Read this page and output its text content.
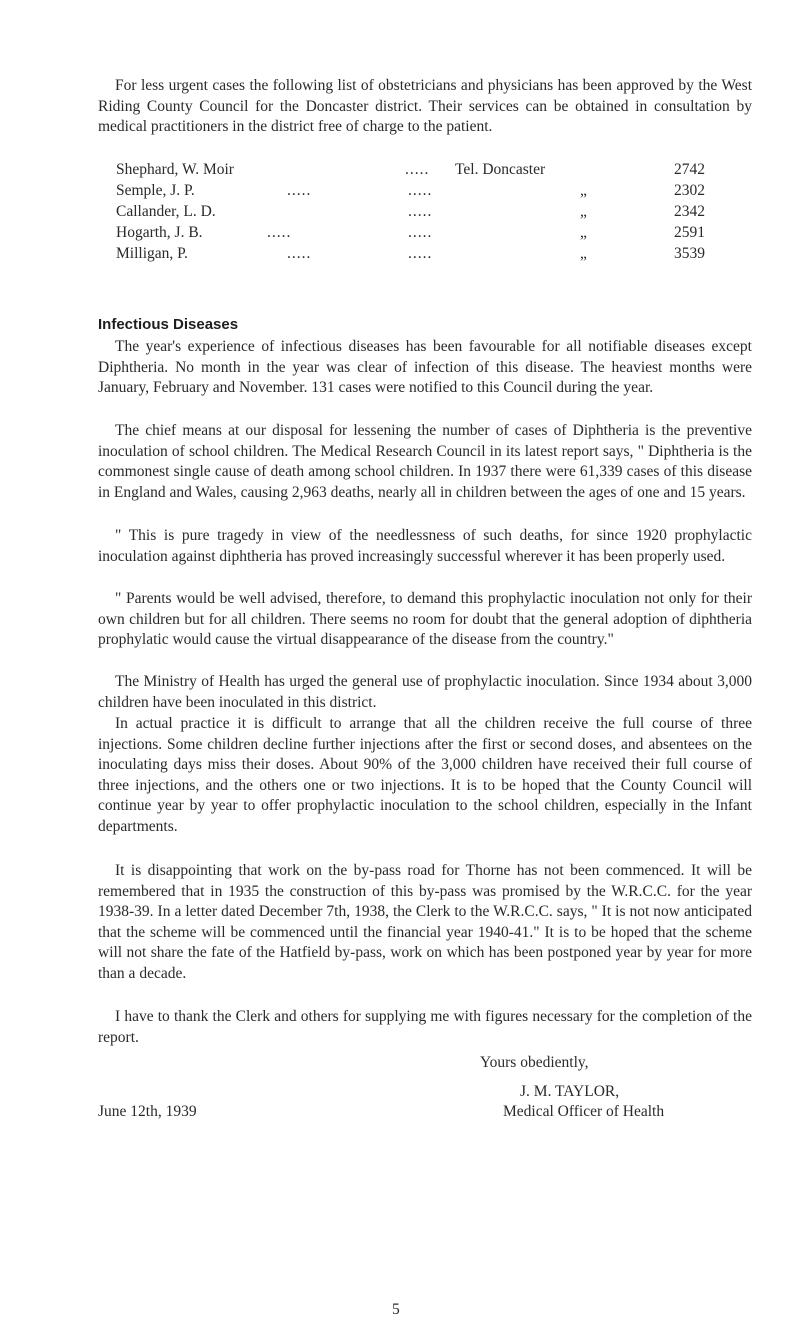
For less urgent cases the following list of obstetricians and physicians has been approved by the West Riding County Council for the Doncaster district. Their services can be obtained in consultation by medical practitioners in the district free of charge to the patient.

Shephard, W. Moir	..... Tel. Doncaster	2742
Semple, J. P.	.....	.....	„	2302
Callander, L. D.	.....	„	2342
Hogarth, J. B.	.....	.....	„	2591
Milligan, P.	.....	.....	„	3539
Infectious Diseases

The year's experience of infectious diseases has been favourable for all notifiable diseases except Diphtheria. No month in the year was clear of infection of this disease. The heaviest months were January, February and November. 131 cases were notified to this Council during the year.

The chief means at our disposal for lessening the number of cases of Diphtheria is the preventive inoculation of school children. The Medical Research Council in its latest report says, " Diphtheria is the commonest single cause of death among school children. In 1937 there were 61,339 cases of this disease in England and Wales, causing 2,963 deaths, nearly all in children between the ages of one and 15 years.

" This is pure tragedy in view of the needlessness of such deaths, for since 1920 prophylactic inoculation against diphtheria has proved increasingly successful wherever it has been properly used.

" Parents would be well advised, therefore, to demand this prophylactic inoculation not only for their own children but for all children. There seems no room for doubt that the general adoption of diphtheria prophylatic would cause the virtual disappearance of the disease from the country."

The Ministry of Health has urged the general use of prophylactic inoculation. Since 1934 about 3,000 children have been inoculated in this district.

In actual practice it is difficult to arrange that all the children receive the full course of three injections. Some children decline further injections after the first or second doses, and absentees on the inoculating days miss their doses. About 90% of the 3,000 children have received their full course of three injections, and the others one or two injections. It is to be hoped that the County Council will continue year by year to offer prophylactic inoculation to the school children, especially in the Infant departments.

It is disappointing that work on the by-pass road for Thorne has not been commenced. It will be remembered that in 1935 the construction of this by-pass was promised by the W.R.C.C. for the year 1938-39. In a letter dated December 7th, 1938, the Clerk to the W.R.C.C. says, " It is not now anticipated that the scheme will be commenced until the financial year 1940-41." It is to be hoped that the scheme will not share the fate of the Hatfield by-pass, work on which has been postponed year by year for more than a decade.

I have to thank the Clerk and others for supplying me with figures necessary for the completion of the report.

Yours obediently,
J. M. TAYLOR,
June 12th, 1939	Medical Officer of Health
5
